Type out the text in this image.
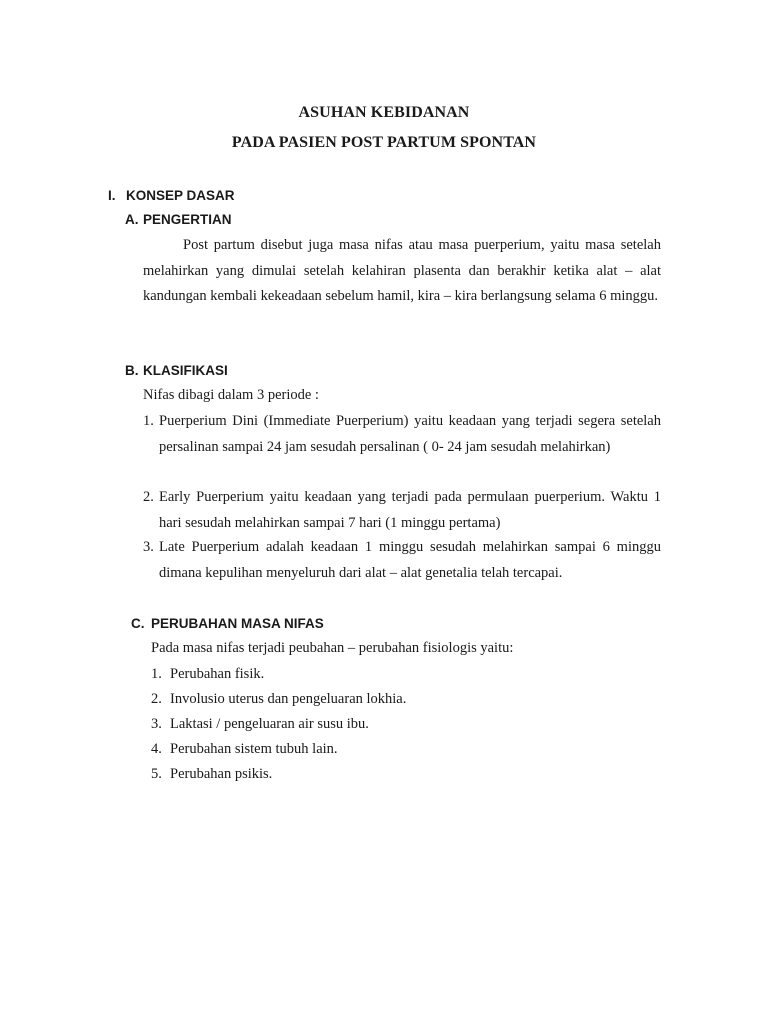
ASUHAN KEBIDANAN
PADA PASIEN POST PARTUM SPONTAN
I. KONSEP DASAR
A. PENGERTIAN
Post partum disebut juga masa nifas atau masa puerperium, yaitu masa setelah melahirkan yang dimulai setelah kelahiran plasenta dan berakhir ketika alat – alat kandungan kembali kekeadaan sebelum hamil, kira – kira berlangsung selama 6 minggu.
B. KLASIFIKASI
Nifas dibagi dalam 3 periode :
1. Puerperium Dini (Immediate Puerperium) yaitu keadaan yang terjadi segera setelah persalinan sampai 24 jam sesudah persalinan ( 0- 24 jam sesudah melahirkan)
2. Early Puerperium yaitu keadaan yang terjadi pada permulaan puerperium. Waktu 1 hari sesudah melahirkan sampai 7 hari (1 minggu pertama)
3. Late Puerperium adalah keadaan 1 minggu sesudah melahirkan sampai 6 minggu dimana kepulihan menyeluruh dari alat – alat genetalia telah tercapai.
C. PERUBAHAN MASA NIFAS
Pada masa nifas terjadi peubahan – perubahan fisiologis yaitu:
1. Perubahan fisik.
2. Involusio uterus dan pengeluaran lokhia.
3. Laktasi / pengeluaran air susu ibu.
4. Perubahan sistem tubuh lain.
5. Perubahan psikis.
